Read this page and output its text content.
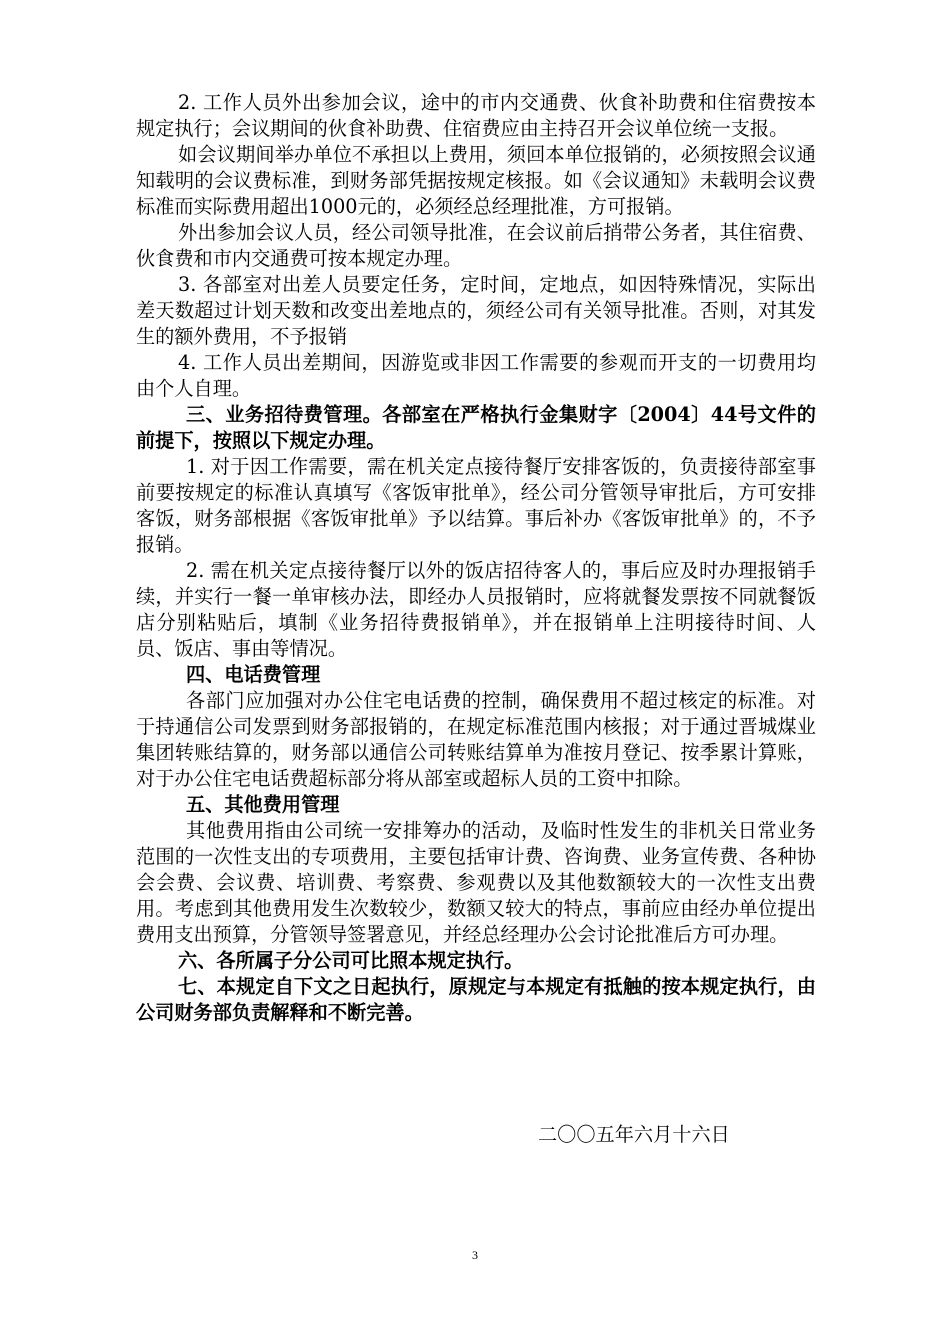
2. 工作人员外出参加会议，途中的市内交通费、伙食补助费和住宿费按本规定执行；会议期间的伙食补助费、住宿费应由主持召开会议单位统一支报。

如会议期间举办单位不承担以上费用，须回本单位报销的，必须按照会议通知载明的会议费标准，到财务部凭据按规定核报。如《会议通知》未载明会议费标准而实际费用超出1000元的，必须经总经理批准，方可报销。

外出参加会议人员，经公司领导批准，在会议前后捎带公务者，其住宿费、伙食费和市内交通费可按本规定办理。

3. 各部室对出差人员要定任务，定时间，定地点，如因特殊情况，实际出差天数超过计划天数和改变出差地点的，须经公司有关领导批准。否则，对其发生的额外费用，不予报销

4. 工作人员出差期间，因游览或非因工作需要的参观而开支的一切费用均由个人自理。

三、业务招待费管理。各部室在严格执行金集财字〔2004〕44号文件的前提下，按照以下规定办理。

1. 对于因工作需要，需在机关定点接待餐厅安排客饭的，负责接待部室事前要按规定的标准认真填写《客饭审批单》，经公司分管领导审批后，方可安排客饭，财务部根据《客饭审批单》予以结算。事后补办《客饭审批单》的，不予报销。

2. 需在机关定点接待餐厅以外的饭店招待客人的，事后应及时办理报销手续，并实行一餐一单审核办法，即经办人员报销时，应将就餐发票按不同就餐饭店分别粘贴后，填制《业务招待费报销单》，并在报销单上注明接待时间、人员、饭店、事由等情况。

四、电话费管理

各部门应加强对办公住宅电话费的控制，确保费用不超过核定的标准。对于持通信公司发票到财务部报销的，在规定标准范围内核报；对于通过晋城煤业集团转账结算的，财务部以通信公司转账结算单为准按月登记、按季累计算账，对于办公住宅电话费超标部分将从部室或超标人员的工资中扣除。

五、其他费用管理

其他费用指由公司统一安排筹办的活动，及临时性发生的非机关日常业务范围的一次性支出的专项费用，主要包括审计费、咨询费、业务宣传费、各种协会会费、会议费、培训费、考察费、参观费以及其他数额较大的一次性支出费用。考虑到其他费用发生次数较少，数额又较大的特点，事前应由经办单位提出费用支出预算，分管领导签署意见，并经总经理办公会讨论批准后方可办理。

六、各所属子分公司可比照本规定执行。

七、本规定自下文之日起执行，原规定与本规定有抵触的按本规定执行，由公司财务部负责解释和不断完善。

二〇〇五年六月十六日
3
